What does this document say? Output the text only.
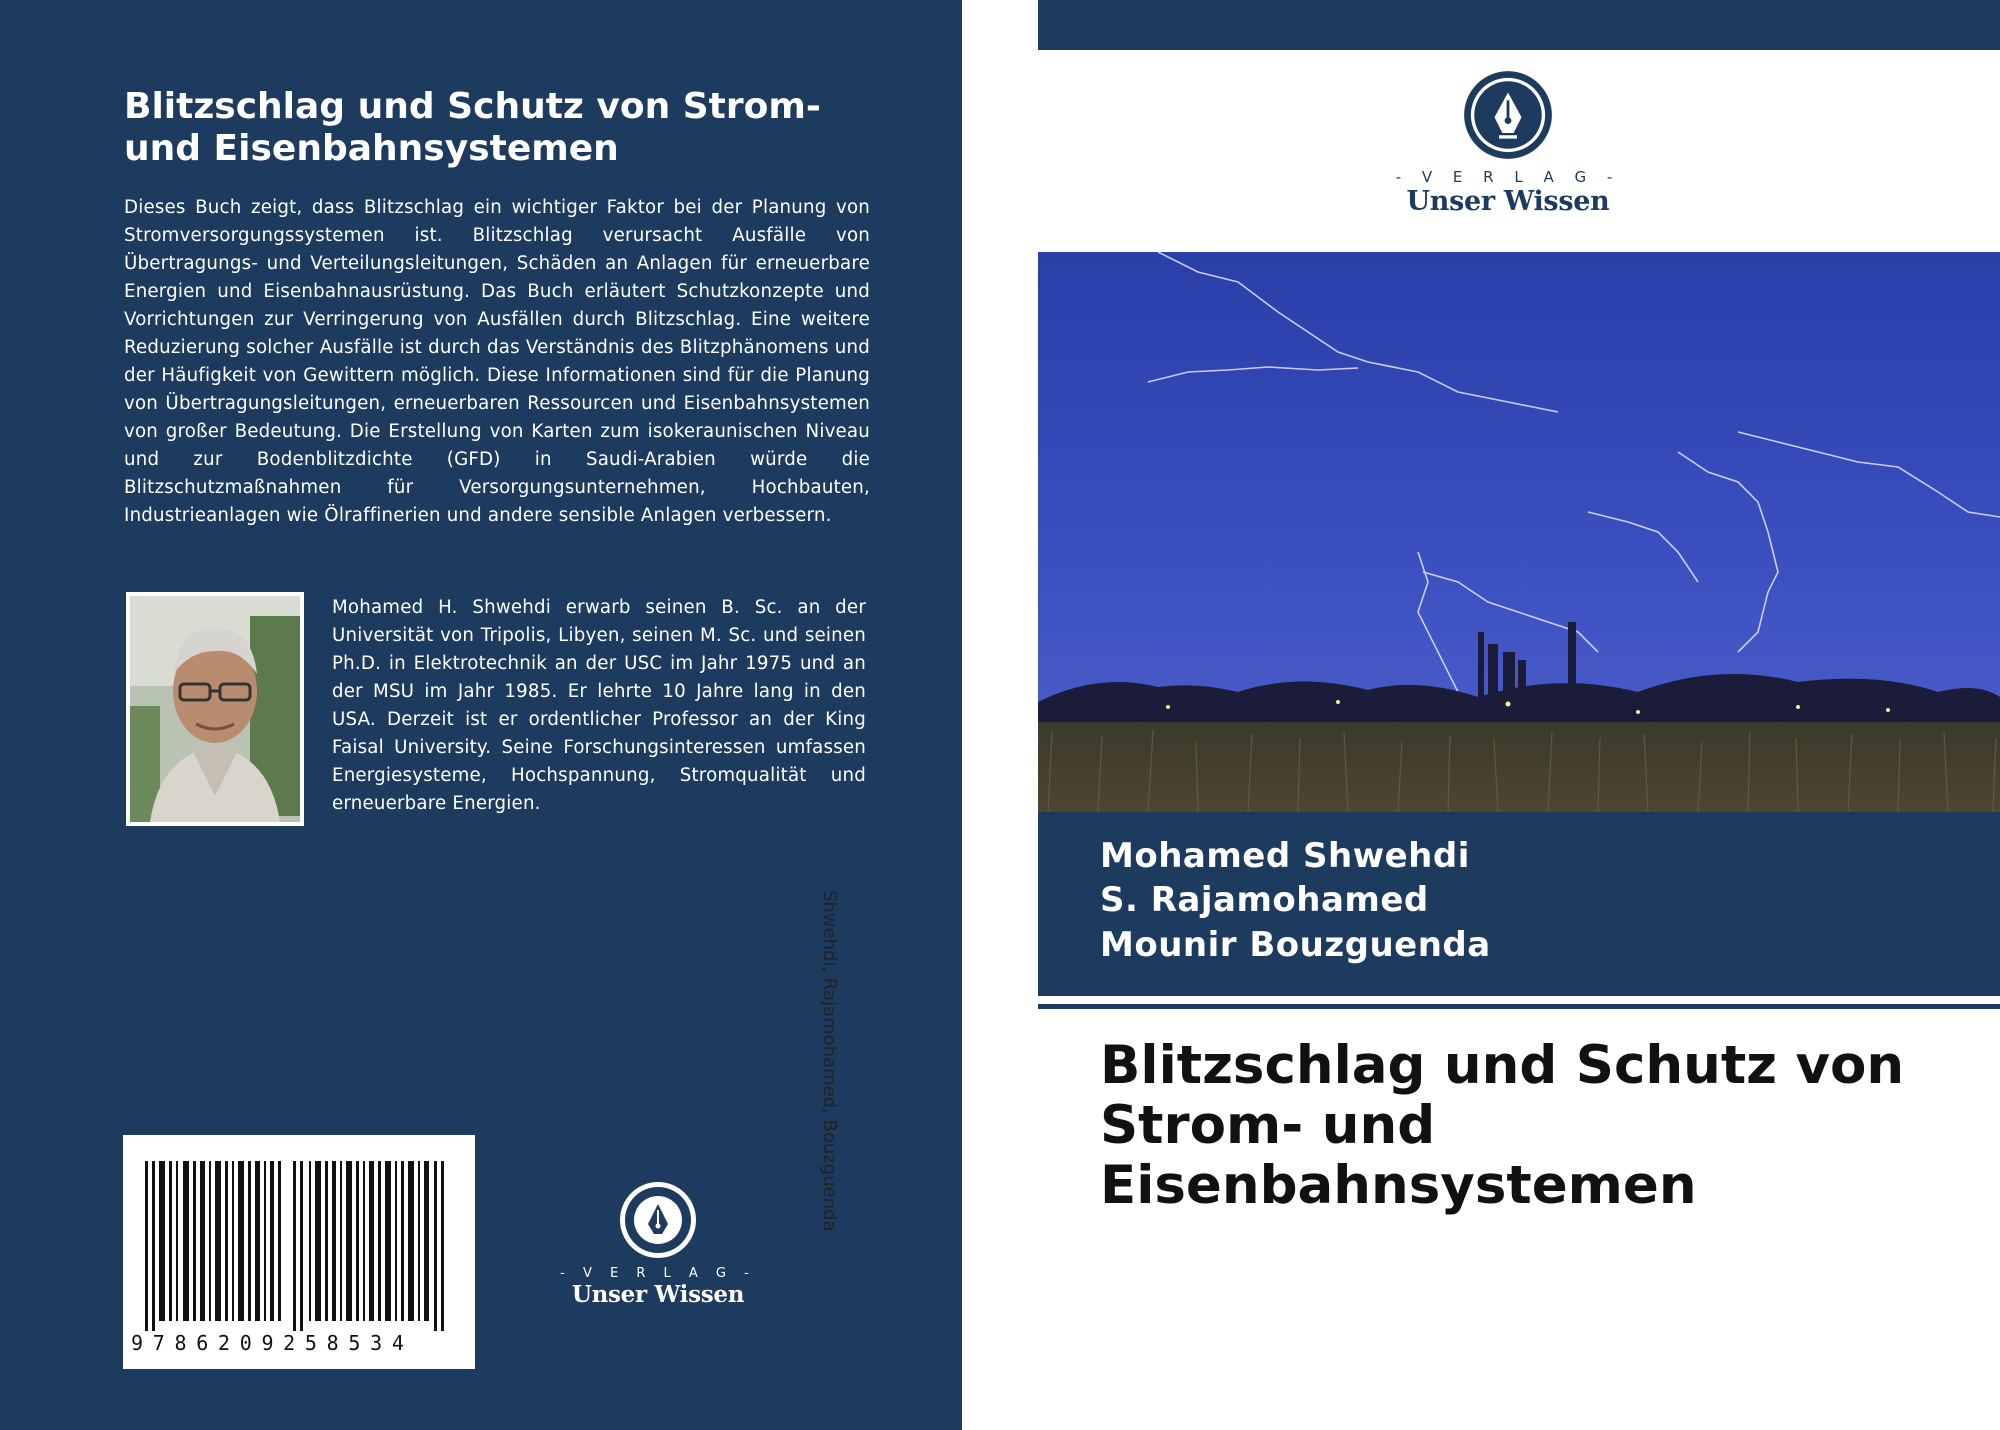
Blitzschlag und Schutz von Strom- und Eisenbahnsystemen
Dieses Buch zeigt, dass Blitzschlag ein wichtiger Faktor bei der Planung von Stromversorgungssystemen ist. Blitzschlag verursacht Ausfälle von Übertragungs- und Verteilungsleitungen, Schäden an Anlagen für erneuerbare Energien und Eisenbahnausrüstung. Das Buch erläutert Schutzkonzepte und Vorrichtungen zur Verringerung von Ausfällen durch Blitzschlag. Eine weitere Reduzierung solcher Ausfälle ist durch das Verständnis des Blitzphänomens und der Häufigkeit von Gewittern möglich. Diese Informationen sind für die Planung von Übertragungsleitungen, erneuerbaren Ressourcen und Eisenbahnsystemen von großer Bedeutung. Die Erstellung von Karten zum isokeraunischen Niveau und zur Bodenblitzdichte (GFD) in Saudi-Arabien würde die Blitzschutzmaßnahmen für Versorgungsunternehmen, Hochbauten, Industrieanlagen wie Ölraffinerien und andere sensible Anlagen verbessern.
Mohamed H. Shwehdi erwarb seinen B. Sc. an der Universität von Tripolis, Libyen, seinen M. Sc. und seinen Ph.D. in Elektrotechnik an der USC im Jahr 1975 und an der MSU im Jahr 1985. Er lehrte 10 Jahre lang in den USA. Derzeit ist er ordentlicher Professor an der King Faisal University. Seine Forschungsinteressen umfassen Energiesysteme, Hochspannung, Stromqualität und erneuerbare Energien.
9786209258534
- V E R L A G -
Unser Wissen
Shwehdi, Rajamohamed, Bouzguenda
- V E R L A G -
Unser Wissen
Mohamed Shwehdi
S. Rajamohamed
Mounir Bouzguenda
Blitzschlag und Schutz von Strom- und Eisenbahnsystemen
